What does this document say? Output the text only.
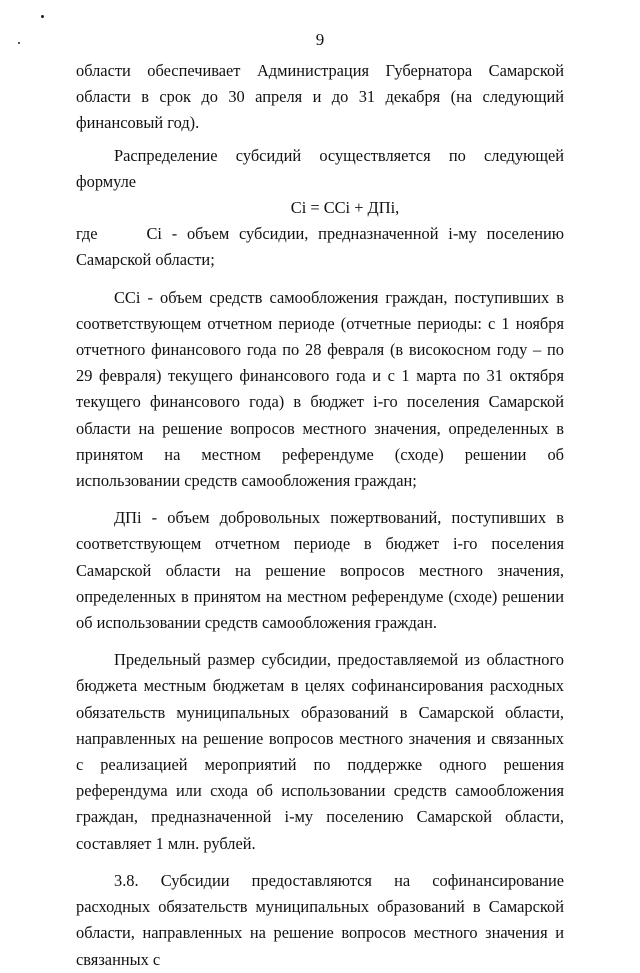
9

области обеспечивает Администрация Губернатора Самарской области в срок до 30 апреля и до 31 декабря (на следующий финансовый год).

Распределение субсидий осуществляется по следующей формуле

Ci = CCi + ДПi,

где	Ci - объем субсидии, предназначенной i-му поселению Самарской области;

CCi - объем средств самообложения граждан, поступивших в соответствующем отчетном периоде (отчетные периоды: с 1 ноября отчетного финансового года по 28 февраля (в високосном году – по 29 февраля) текущего финансового года и с 1 марта по 31 октября текущего финансового года) в бюджет i-го поселения Самарской области на решение вопросов местного значения, определенных в принятом на местном референдуме (сходе) решении об использовании средств самообложения граждан;

ДПi - объем добровольных пожертвований, поступивших в соответствующем отчетном периоде в бюджет i-го поселения Самарской области на решение вопросов местного значения, определенных в принятом на местном референдуме (сходе) решении об использовании средств самообложения граждан.

Предельный размер субсидии, предоставляемой из областного бюджета местным бюджетам в целях софинансирования расходных обязательств муниципальных образований в Самарской области, направленных на решение вопросов местного значения и связанных с реализацией мероприятий по поддержке одного решения референдума или схода об использовании средств самообложения граждан, предназначенной i-му поселению Самарской области, составляет 1 млн. рублей.

3.8. Субсидии предоставляются на софинансирование расходных обязательств муниципальных образований в Самарской области, направленных на решение вопросов местного значения и связанных с
